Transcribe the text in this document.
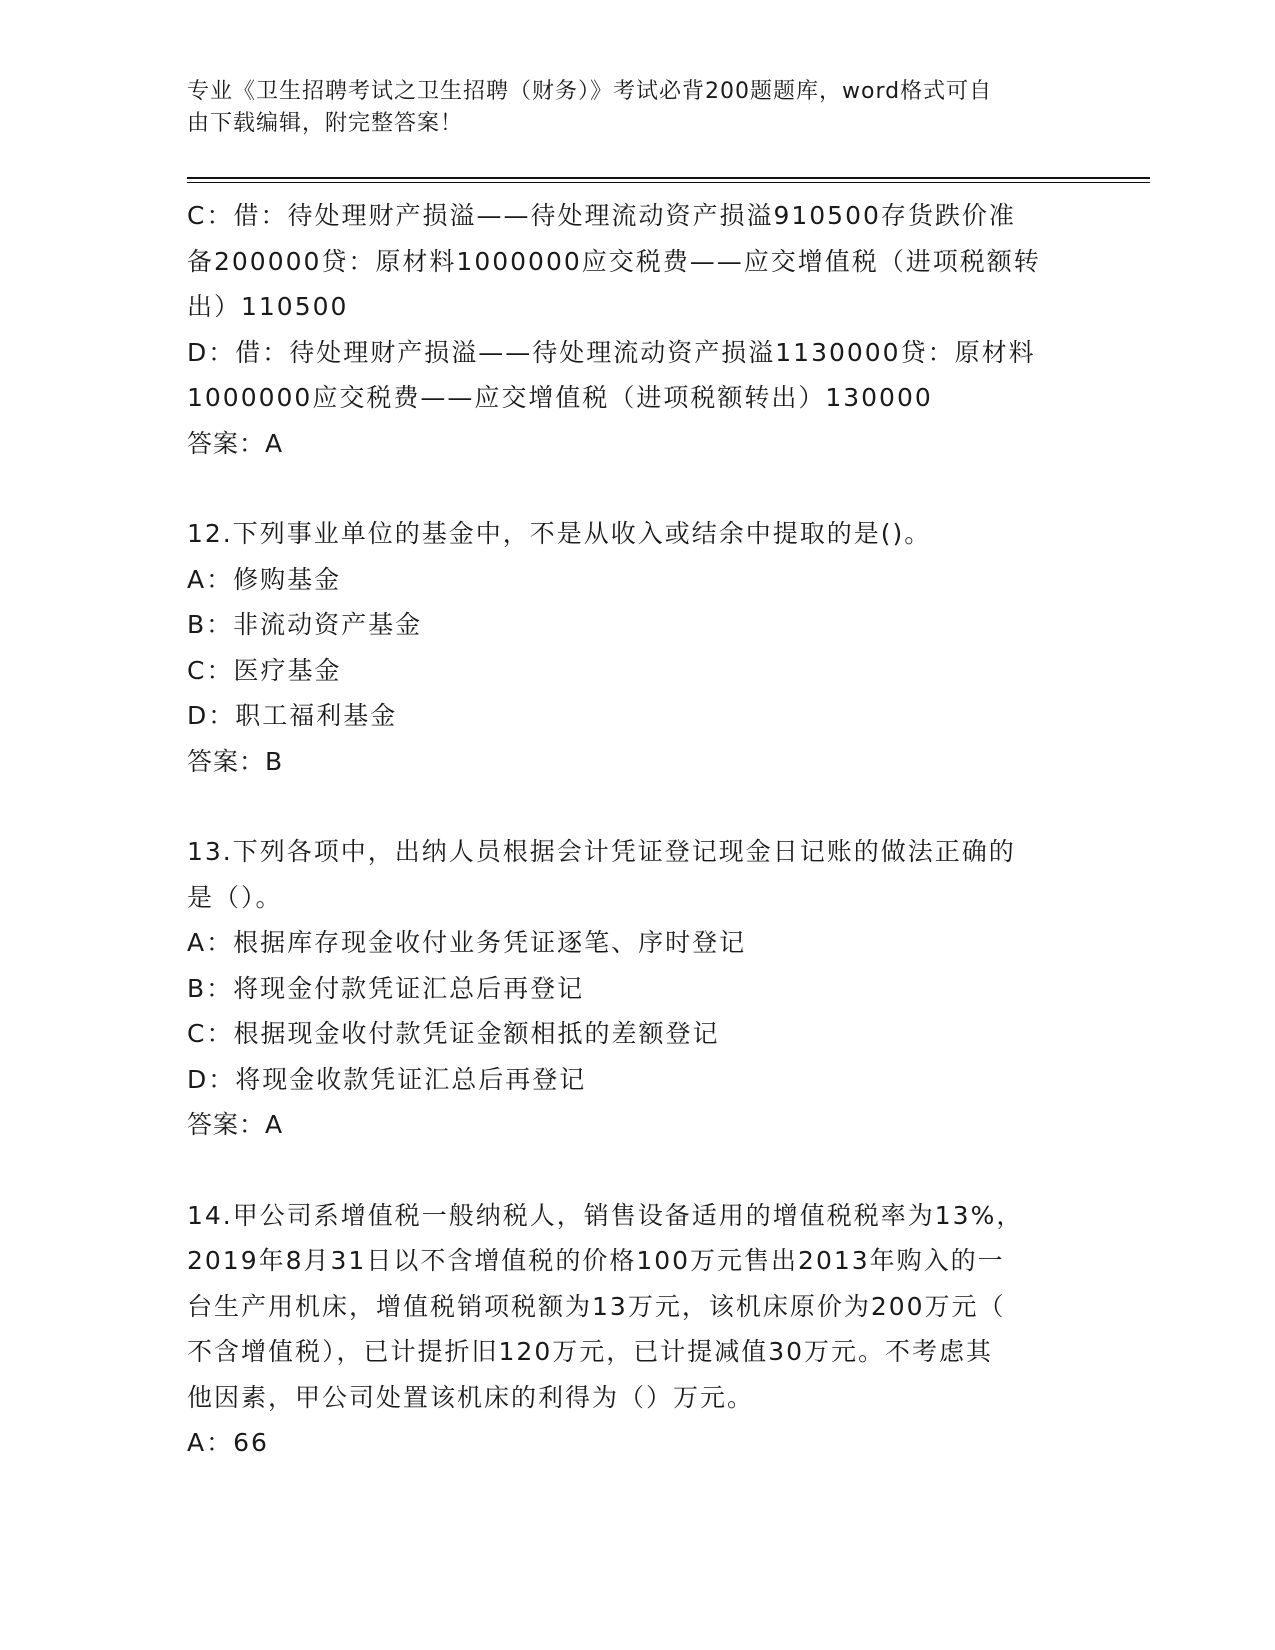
专业《卫生招聘考试之卫生招聘（财务）》考试必背200题题库，word格式可自
由下载编辑，附完整答案！
C：借：待处理财产损溢——待处理流动资产损溢910500存货跌价准
备200000贷：原材料1000000应交税费——应交增值税（进项税额转
出）110500
D：借：待处理财产损溢——待处理流动资产损溢1130000贷：原材料
1000000应交税费——应交增值税（进项税额转出）130000
答案：A
12.下列事业单位的基金中，不是从收入或结余中提取的是()。
A：修购基金
B：非流动资产基金
C：医疗基金
D：职工福利基金
答案：B
13.下列各项中，出纳人员根据会计凭证登记现金日记账的做法正确的
是（）。
A：根据库存现金收付业务凭证逐笔、序时登记
B：将现金付款凭证汇总后再登记
C：根据现金收付款凭证金额相抵的差额登记
D：将现金收款凭证汇总后再登记
答案：A
14.甲公司系增值税一般纳税人，销售设备适用的增值税税率为13%，
2019年8月31日以不含增值税的价格100万元售出2013年购入的一
台生产用机床，增值税销项税额为13万元，该机床原价为200万元（
不含增值税），已计提折旧120万元，已计提减值30万元。不考虑其
他因素，甲公司处置该机床的利得为（）万元。
A：66
